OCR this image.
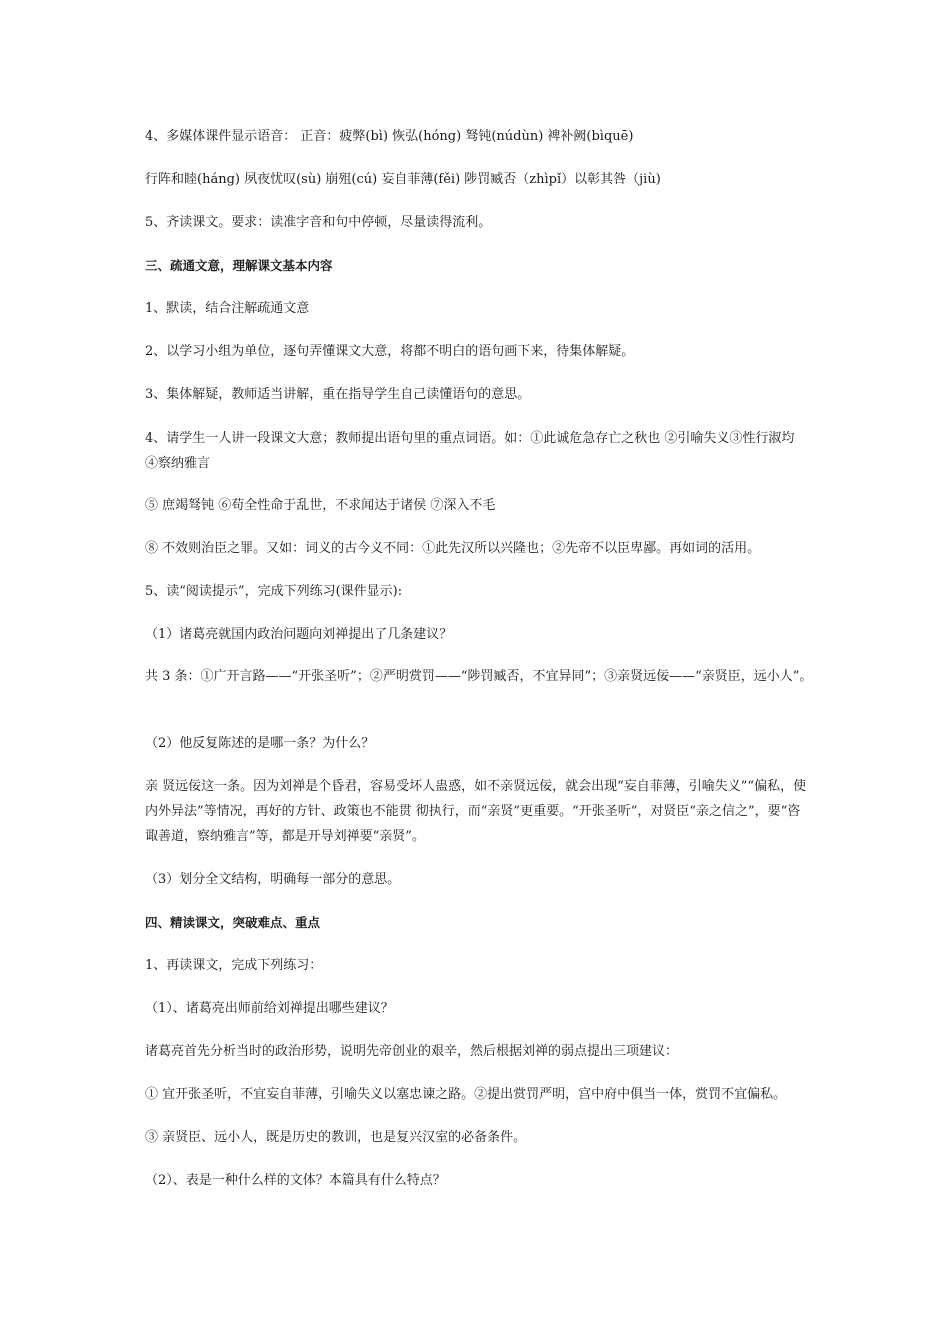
4、多媒体课件显示语音： 正音：疲弊(bì) 恢弘(hóng) 驽钝(núdùn) 裨补阙(bìquē)
行阵和睦(háng) 夙夜忧叹(sù) 崩殂(cú) 妄自菲薄(fěi) 陟罚臧否（zhìpǐ）以彰其咎（jiù)
5、齐读课文。要求：读准字音和句中停顿，尽量读得流利。
三、疏通文意，理解课文基本内容
1、默读，结合注解疏通文意
2、以学习小组为单位，逐句弄懂课文大意，将都不明白的语句画下来，待集体解疑。
3、集体解疑，教师适当讲解，重在指导学生自己读懂语句的意思。
4、请学生一人讲一段课文大意；教师提出语句里的重点词语。如：①此诚危急存亡之秋也 ②引喻失义③性行淑均 ④察纳雅言
⑤ 庶竭驽钝 ⑥苟全性命于乱世，不求闻达于诸侯 ⑦深入不毛
⑧ 不效则治臣之罪。又如：词义的古今义不同：①此先汉所以兴隆也；②先帝不以臣卑鄙。再如词的活用。
5、读“阅读提示”，完成下列练习(课件显示):
（1）诸葛亮就国内政治问题向刘禅提出了几条建议？
共 3 条：①广开言路——“开张圣听”；②严明赏罚——“陟罚臧否，不宜异同”；③亲贤远佞——“亲贤臣，远小人”。
（2）他反复陈述的是哪一条？为什么？
亲 贤远佞这一条。因为刘禅是个昏君，容易受坏人蛊惑，如不亲贤远佞，就会出现“妄自菲薄，引喻失义”“偏私，使内外异法”等情况，再好的方针、政策也不能贯 彻执行，而“亲贤”更重要。“开张圣听”，对贤臣“亲之信之”，要“咨诹善道，察纳雅言”等，都是开导刘禅要“亲贤”。
（3）划分全文结构，明确每一部分的意思。
四、精读课文，突破难点、重点
1、再读课文，完成下列练习：
（1）、诸葛亮出师前给刘禅提出哪些建议？
诸葛亮首先分析当时的政治形势，说明先帝创业的艰辛，然后根据刘禅的弱点提出三项建议：
① 宜开张圣听，不宜妄自菲薄，引喻失义以塞忠谏之路。②提出赏罚严明，宫中府中俱当一体，赏罚不宜偏私。
③ 亲贤臣、远小人，既是历史的教训，也是复兴汉室的必备条件。
（2）、表是一种什么样的文体？本篇具有什么特点？
